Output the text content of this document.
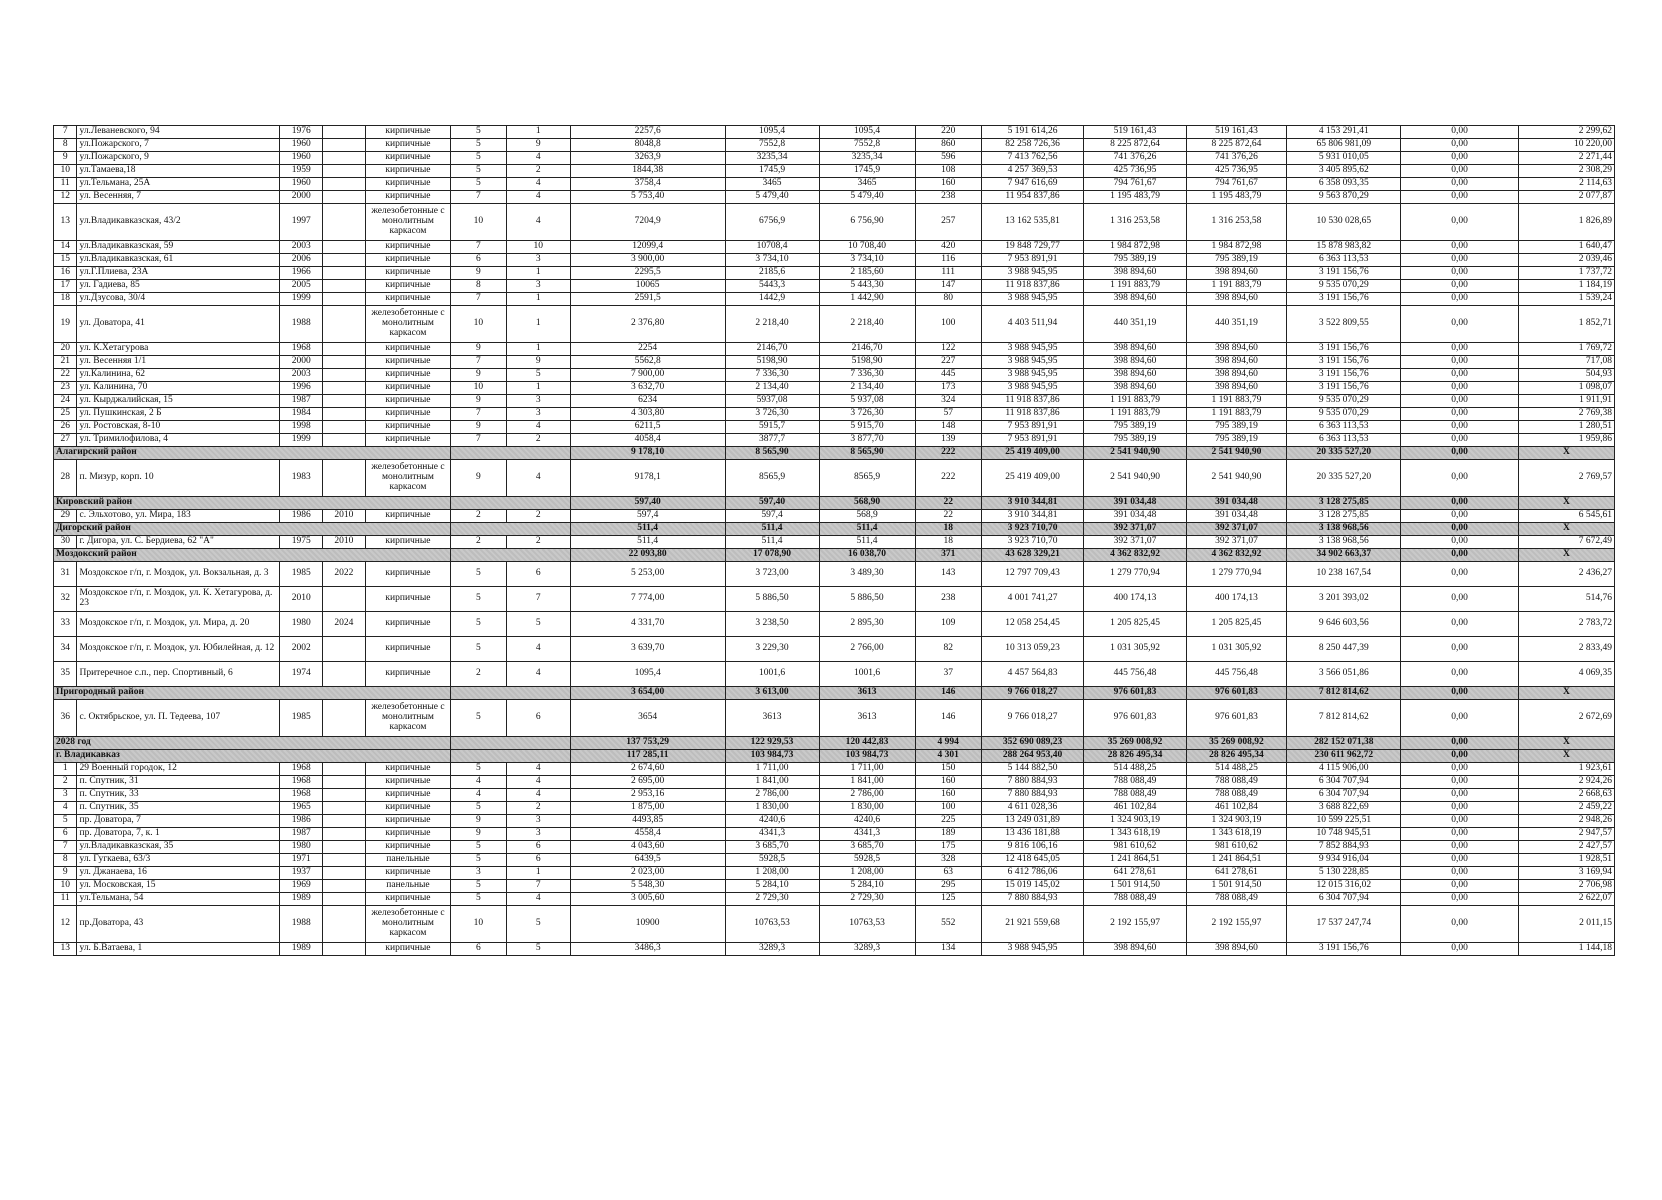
7	ул.Леваневского, 94	1976		кирпичные	5	1	2257,6	1095,4	1095,4	220	5 191 614,26	519 161,43	519 161,43	4 153 291,41	0,00	2 299,62
8	ул.Пожарского, 7	1960		кирпичные	5	9	8048,8	7552,8	7552,8	860	82 258 726,36	8 225 872,64	8 225 872,64	65 806 981,09	0,00	10 220,00
9	ул.Пожарского, 9	1960		кирпичные	5	4	3263,9	3235,34	3235,34	596	7 413 762,56	741 376,26	741 376,26	5 931 010,05	0,00	2 271,44
10	ул.Тамаева,18	1959		кирпичные	5	2	1844,38	1745,9	1745,9	108	4 257 369,53	425 736,95	425 736,95	3 405 895,62	0,00	2 308,29
11	ул.Тельмана, 25А	1960		кирпичные	5	4	3758,4	3465	3465	160	7 947 616,69	794 761,67	794 761,67	6 358 093,35	0,00	2 114,63
12	ул. Весенняя, 7	2000		кирпичные	7	4	5 753,40	5 479,40	5 479,40	238	11 954 837,86	1 195 483,79	1 195 483,79	9 563 870,29	0,00	2 077,87
13	ул.Владикавказская, 43/2	1997		железобетонные с монолитным каркасом	10	4	7204,9	6756,9	6 756,90	257	13 162 535,81	1 316 253,58	1 316 253,58	10 530 028,65	0,00	1 826,89
14	ул.Владикавказская, 59	2003		кирпичные	7	10	12099,4	10708,4	10 708,40	420	19 848 729,77	1 984 872,98	1 984 872,98	15 878 983,82	0,00	1 640,47
15	ул.Владикавказская, 61	2006		кирпичные	6	3	3 900,00	3 734,10	3 734,10	116	7 953 891,91	795 389,19	795 389,19	6 363 113,53	0,00	2 039,46
16	ул.Г.Плиева, 23А	1966		кирпичные	9	1	2295,5	2185,6	2 185,60	111	3 988 945,95	398 894,60	398 894,60	3 191 156,76	0,00	1 737,72
17	ул. Гадиева, 85	2005		кирпичные	8	3	10065	5443,3	5 443,30	147	11 918 837,86	1 191 883,79	1 191 883,79	9 535 070,29	0,00	1 184,19
18	ул.Дзусова, 30/4	1999		кирпичные	7	1	2591,5	1442,9	1 442,90	80	3 988 945,95	398 894,60	398 894,60	3 191 156,76	0,00	1 539,24
19	ул. Доватора, 41	1988		железобетонные с монолитным каркасом	10	1	2 376,80	2 218,40	2 218,40	100	4 403 511,94	440 351,19	440 351,19	3 522 809,55	0,00	1 852,71
20	ул. К.Хетагурова	1968		кирпичные	9	1	2254	2146,70	2146,70	122	3 988 945,95	398 894,60	398 894,60	3 191 156,76	0,00	1 769,72
21	ул. Весенняя 1/1	2000		кирпичные	7	9	5562,8	5198,90	5198,90	227	3 988 945,95	398 894,60	398 894,60	3 191 156,76	0,00	717,08
22	ул.Калинина, 62	2003		кирпичные	9	5	7 900,00	7 336,30	7 336,30	445	3 988 945,95	398 894,60	398 894,60	3 191 156,76	0,00	504,93
23	ул. Калинина, 70	1996		кирпичные	10	1	3 632,70	2 134,40	2 134,40	173	3 988 945,95	398 894,60	398 894,60	3 191 156,76	0,00	1 098,07
24	ул. Кырджалийская, 15	1987		кирпичные	9	3	6234	5937,08	5 937,08	324	11 918 837,86	1 191 883,79	1 191 883,79	9 535 070,29	0,00	1 911,91
25	ул. Пушкинская, 2 Б	1984		кирпичные	7	3	4 303,80	3 726,30	3 726,30	57	11 918 837,86	1 191 883,79	1 191 883,79	9 535 070,29	0,00	2 769,38
26	ул. Ростовская, 8-10	1998		кирпичные	9	4	6211,5	5915,7	5 915,70	148	7 953 891,91	795 389,19	795 389,19	6 363 113,53	0,00	1 280,51
27	ул. Тримилофилова, 4	1999		кирпичные	7	2	4058,4	3877,7	3 877,70	139	7 953 891,91	795 389,19	795 389,19	6 363 113,53	0,00	1 959,86
Алагирский район							9 178,10	8 565,90	8 565,90	222	25 419 409,00	2 541 940,90	2 541 940,90	20 335 527,20	0,00	X
28	п. Мизур, корп. 10	1983		железобетонные с монолитным каркасом	9	4	9178,1	8565,9	8565,9	222	25 419 409,00	2 541 940,90	2 541 940,90	20 335 527,20	0,00	2 769,57
Кировский район							597,40	597,40	568,90	22	3 910 344,81	391 034,48	391 034,48	3 128 275,85	0,00	X
29	с. Эльхотово, ул. Мира, 183	1986	2010	кирпичные	2	2	597,4	597,4	568,9	22	3 910 344,81	391 034,48	391 034,48	3 128 275,85	0,00	6 545,61
Дигорский район							511,4	511,4	511,4	18	3 923 710,70	392 371,07	392 371,07	3 138 968,56	0,00	X
30	г. Дигора, ул. С. Бердиева, 62 "А"	1975	2010	кирпичные	2	2	511,4	511,4	511,4	18	3 923 710,70	392 371,07	392 371,07	3 138 968,56	0,00	7 672,49
Моздокский район							22 093,80	17 078,90	16 038,70	371	43 628 329,21	4 362 832,92	4 362 832,92	34 902 663,37	0,00	X
31	Моздокское г/п, г. Моздок, ул. Вокзальная, д. 3	1985	2022	кирпичные	5	6	5 253,00	3 723,00	3 489,30	143	12 797 709,43	1 279 770,94	1 279 770,94	10 238 167,54	0,00	2 436,27
32	Моздокское г/п, г. Моздок, ул. К. Хетагурова, д. 23	2010		кирпичные	5	7	7 774,00	5 886,50	5 886,50	238	4 001 741,27	400 174,13	400 174,13	3 201 393,02	0,00	514,76
33	Моздокское г/п, г. Моздок, ул. Мира, д. 20	1980	2024	кирпичные	5	5	4 331,70	3 238,50	2 895,30	109	12 058 254,45	1 205 825,45	1 205 825,45	9 646 603,56	0,00	2 783,72
34	Моздокское г/п, г. Моздок, ул. Юбилейная, д. 12	2002		кирпичные	5	4	3 639,70	3 229,30	2 766,00	82	10 313 059,23	1 031 305,92	1 031 305,92	8 250 447,39	0,00	2 833,49
35	Притеречное с.п., пер. Спортивный, 6	1974		кирпичные	2	4	1095,4	1001,6	1001,6	37	4 457 564,83	445 756,48	445 756,48	3 566 051,86	0,00	4 069,35
Пригородный район							3 654,00	3 613,00	3613	146	9 766 018,27	976 601,83	976 601,83	7 812 814,62	0,00	X
36	с. Октябрьское, ул. П. Тедеева, 107	1985		железобетонные с монолитным каркасом	5	6	3654	3613	3613	146	9 766 018,27	976 601,83	976 601,83	7 812 814,62	0,00	2 672,69
2028 год							137 753,29	122 929,53	120 442,83	4 994	352 690 089,23	35 269 008,92	35 269 008,92	282 152 071,38	0,00	X
г. Владикавказ							117 285,11	103 984,73	103 984,73	4 301	288 264 953,40	28 826 495,34	28 826 495,34	230 611 962,72	0,00	X
1	29 Военный городок, 12	1968		кирпичные	5	4	2 674,60	1 711,00	1 711,00	150	5 144 882,50	514 488,25	514 488,25	4 115 906,00	0,00	1 923,61
2	п. Спутник, 31	1968		кирпичные	4	4	2 695,00	1 841,00	1 841,00	160	7 880 884,93	788 088,49	788 088,49	6 304 707,94	0,00	2 924,26
3	п. Спутник, 33	1968		кирпичные	4	4	2 953,16	2 786,00	2 786,00	160	7 880 884,93	788 088,49	788 088,49	6 304 707,94	0,00	2 668,63
4	п. Спутник, 35	1965		кирпичные	5	2	1 875,00	1 830,00	1 830,00	100	4 611 028,36	461 102,84	461 102,84	3 688 822,69	0,00	2 459,22
5	пр. Доватора, 7	1986		кирпичные	9	3	4493,85	4240,6	4240,6	225	13 249 031,89	1 324 903,19	1 324 903,19	10 599 225,51	0,00	2 948,26
6	пр. Доватора, 7, к. 1	1987		кирпичные	9	3	4558,4	4341,3	4341,3	189	13 436 181,88	1 343 618,19	1 343 618,19	10 748 945,51	0,00	2 947,57
7	ул.Владикавказская, 35	1980		кирпичные	5	6	4 043,60	3 685,70	3 685,70	175	9 816 106,16	981 610,62	981 610,62	7 852 884,93	0,00	2 427,57
8	ул. Гугкаева, 63/3	1971		панельные	5	6	6439,5	5928,5	5928,5	328	12 418 645,05	1 241 864,51	1 241 864,51	9 934 916,04	0,00	1 928,51
9	ул. Джанаева, 16	1937		кирпичные	3	1	2 023,00	1 208,00	1 208,00	63	6 412 786,06	641 278,61	641 278,61	5 130 228,85	0,00	3 169,94
10	ул. Московская, 15	1969		панельные	5	7	5 548,30	5 284,10	5 284,10	295	15 019 145,02	1 501 914,50	1 501 914,50	12 015 316,02	0,00	2 706,98
11	ул.Тельмана, 54	1989		кирпичные	5	4	3 005,60	2 729,30	2 729,30	125	7 880 884,93	788 088,49	788 088,49	6 304 707,94	0,00	2 622,07
12	пр.Доватора, 43	1988		железобетонные с монолитным каркасом	10	5	10900	10763,53	10763,53	552	21 921 559,68	2 192 155,97	2 192 155,97	17 537 247,74	0,00	2 011,15
13	ул. Б.Ватаева, 1	1989		кирпичные	6	5	3486,3	3289,3	3289,3	134	3 988 945,95	398 894,60	398 894,60	3 191 156,76	0,00	1 144,18
